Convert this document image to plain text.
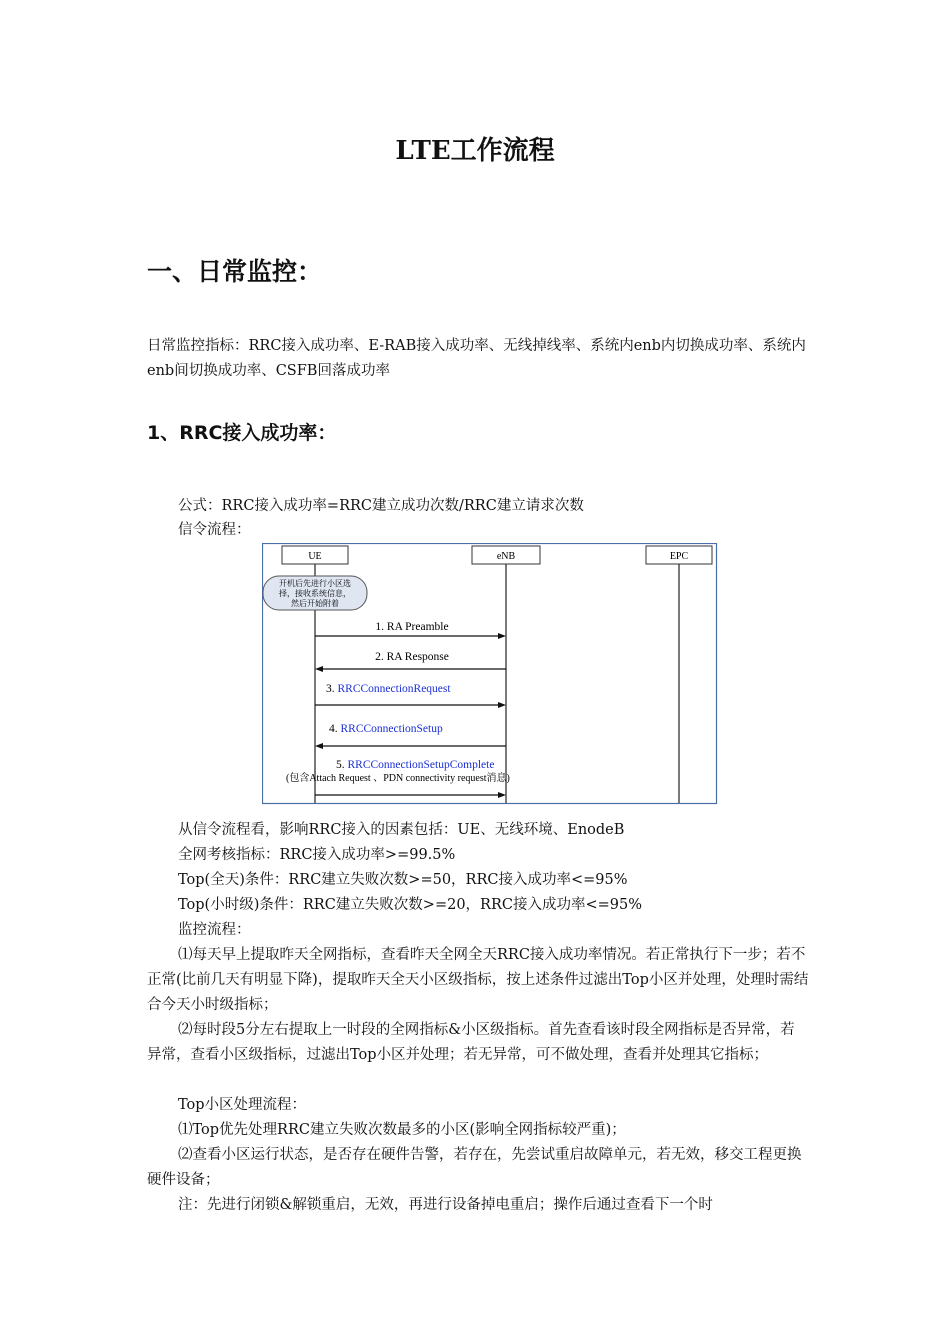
LTE工作流程
一、日常监控：
日常监控指标：RRC接入成功率、E-RAB接入成功率、无线掉线率、系统内enb内切换成功率、系统内enb间切换成功率、CSFB回落成功率
1、RRC接入成功率：
公式：RRC接入成功率=RRC建立成功次数/RRC建立请求次数
信令流程：
UE	eNB	EPC
开机后先进行小区选
择，接收系统信息，
然后开始附着
1. RA Preamble
2. RA Response
3. RRCConnectionRequest
4. RRCConnectionSetup
5. RRCConnectionSetupComplete
(包含Attach Request 、PDN connectivity request消息)
从信令流程看，影响RRC接入的因素包括：UE、无线环境、EnodeB
全网考核指标：RRC接入成功率>=99.5%
Top(全天)条件：RRC建立失败次数>=50，RRC接入成功率<=95%
Top(小时级)条件：RRC建立失败次数>=20，RRC接入成功率<=95%
监控流程：
⑴每天早上提取昨天全网指标，查看昨天全网全天RRC接入成功率情况。若正常执行下一步；若不正常(比前几天有明显下降)，提取昨天全天小区级指标，按上述条件过滤出Top小区并处理，处理时需结合今天小时级指标；
⑵每时段5分左右提取上一时段的全网指标&小区级指标。首先查看该时段全网指标是否异常，若异常，查看小区级指标，过滤出Top小区并处理；若无异常，可不做处理，查看并处理其它指标；
Top小区处理流程：
⑴Top优先处理RRC建立失败次数最多的小区(影响全网指标较严重)；
⑵查看小区运行状态，是否存在硬件告警，若存在，先尝试重启故障单元，若无效，移交工程更换硬件设备；
注：先进行闭锁&解锁重启，无效，再进行设备掉电重启；操作后通过查看下一个时
